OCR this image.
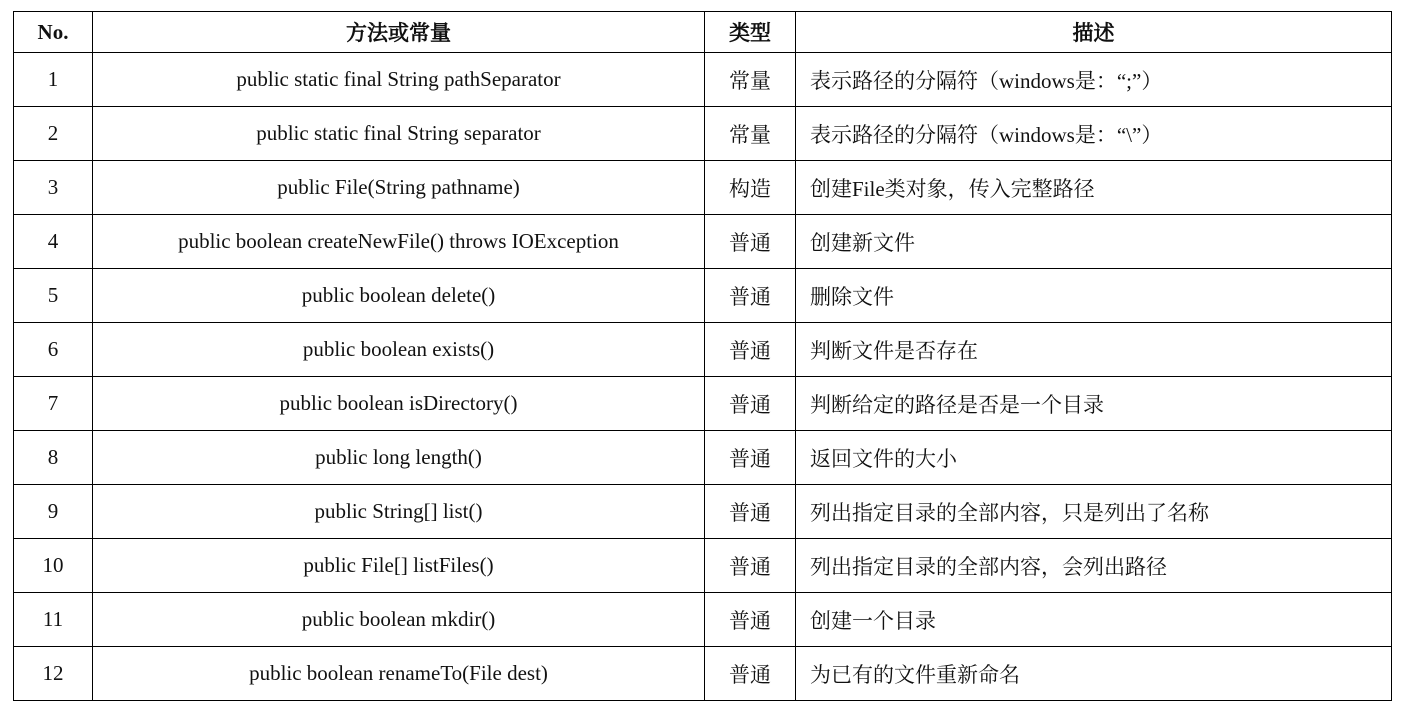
No.	方法或常量	类型	描述
1	public static final String pathSeparator	常量	表示路径的分隔符（windows是：“;”）
2	public static final String separator	常量	表示路径的分隔符（windows是：“\”）
3	public File(String pathname)	构造	创建File类对象，传入完整路径
4	public boolean createNewFile() throws IOException	普通	创建新文件
5	public boolean delete()	普通	删除文件
6	public boolean exists()	普通	判断文件是否存在
7	public boolean isDirectory()	普通	判断给定的路径是否是一个目录
8	public long length()	普通	返回文件的大小
9	public String[] list()	普通	列出指定目录的全部内容，只是列出了名称
10	public File[] listFiles()	普通	列出指定目录的全部内容，会列出路径
11	public boolean mkdir()	普通	创建一个目录
12	public boolean renameTo(File dest)	普通	为已有的文件重新命名
